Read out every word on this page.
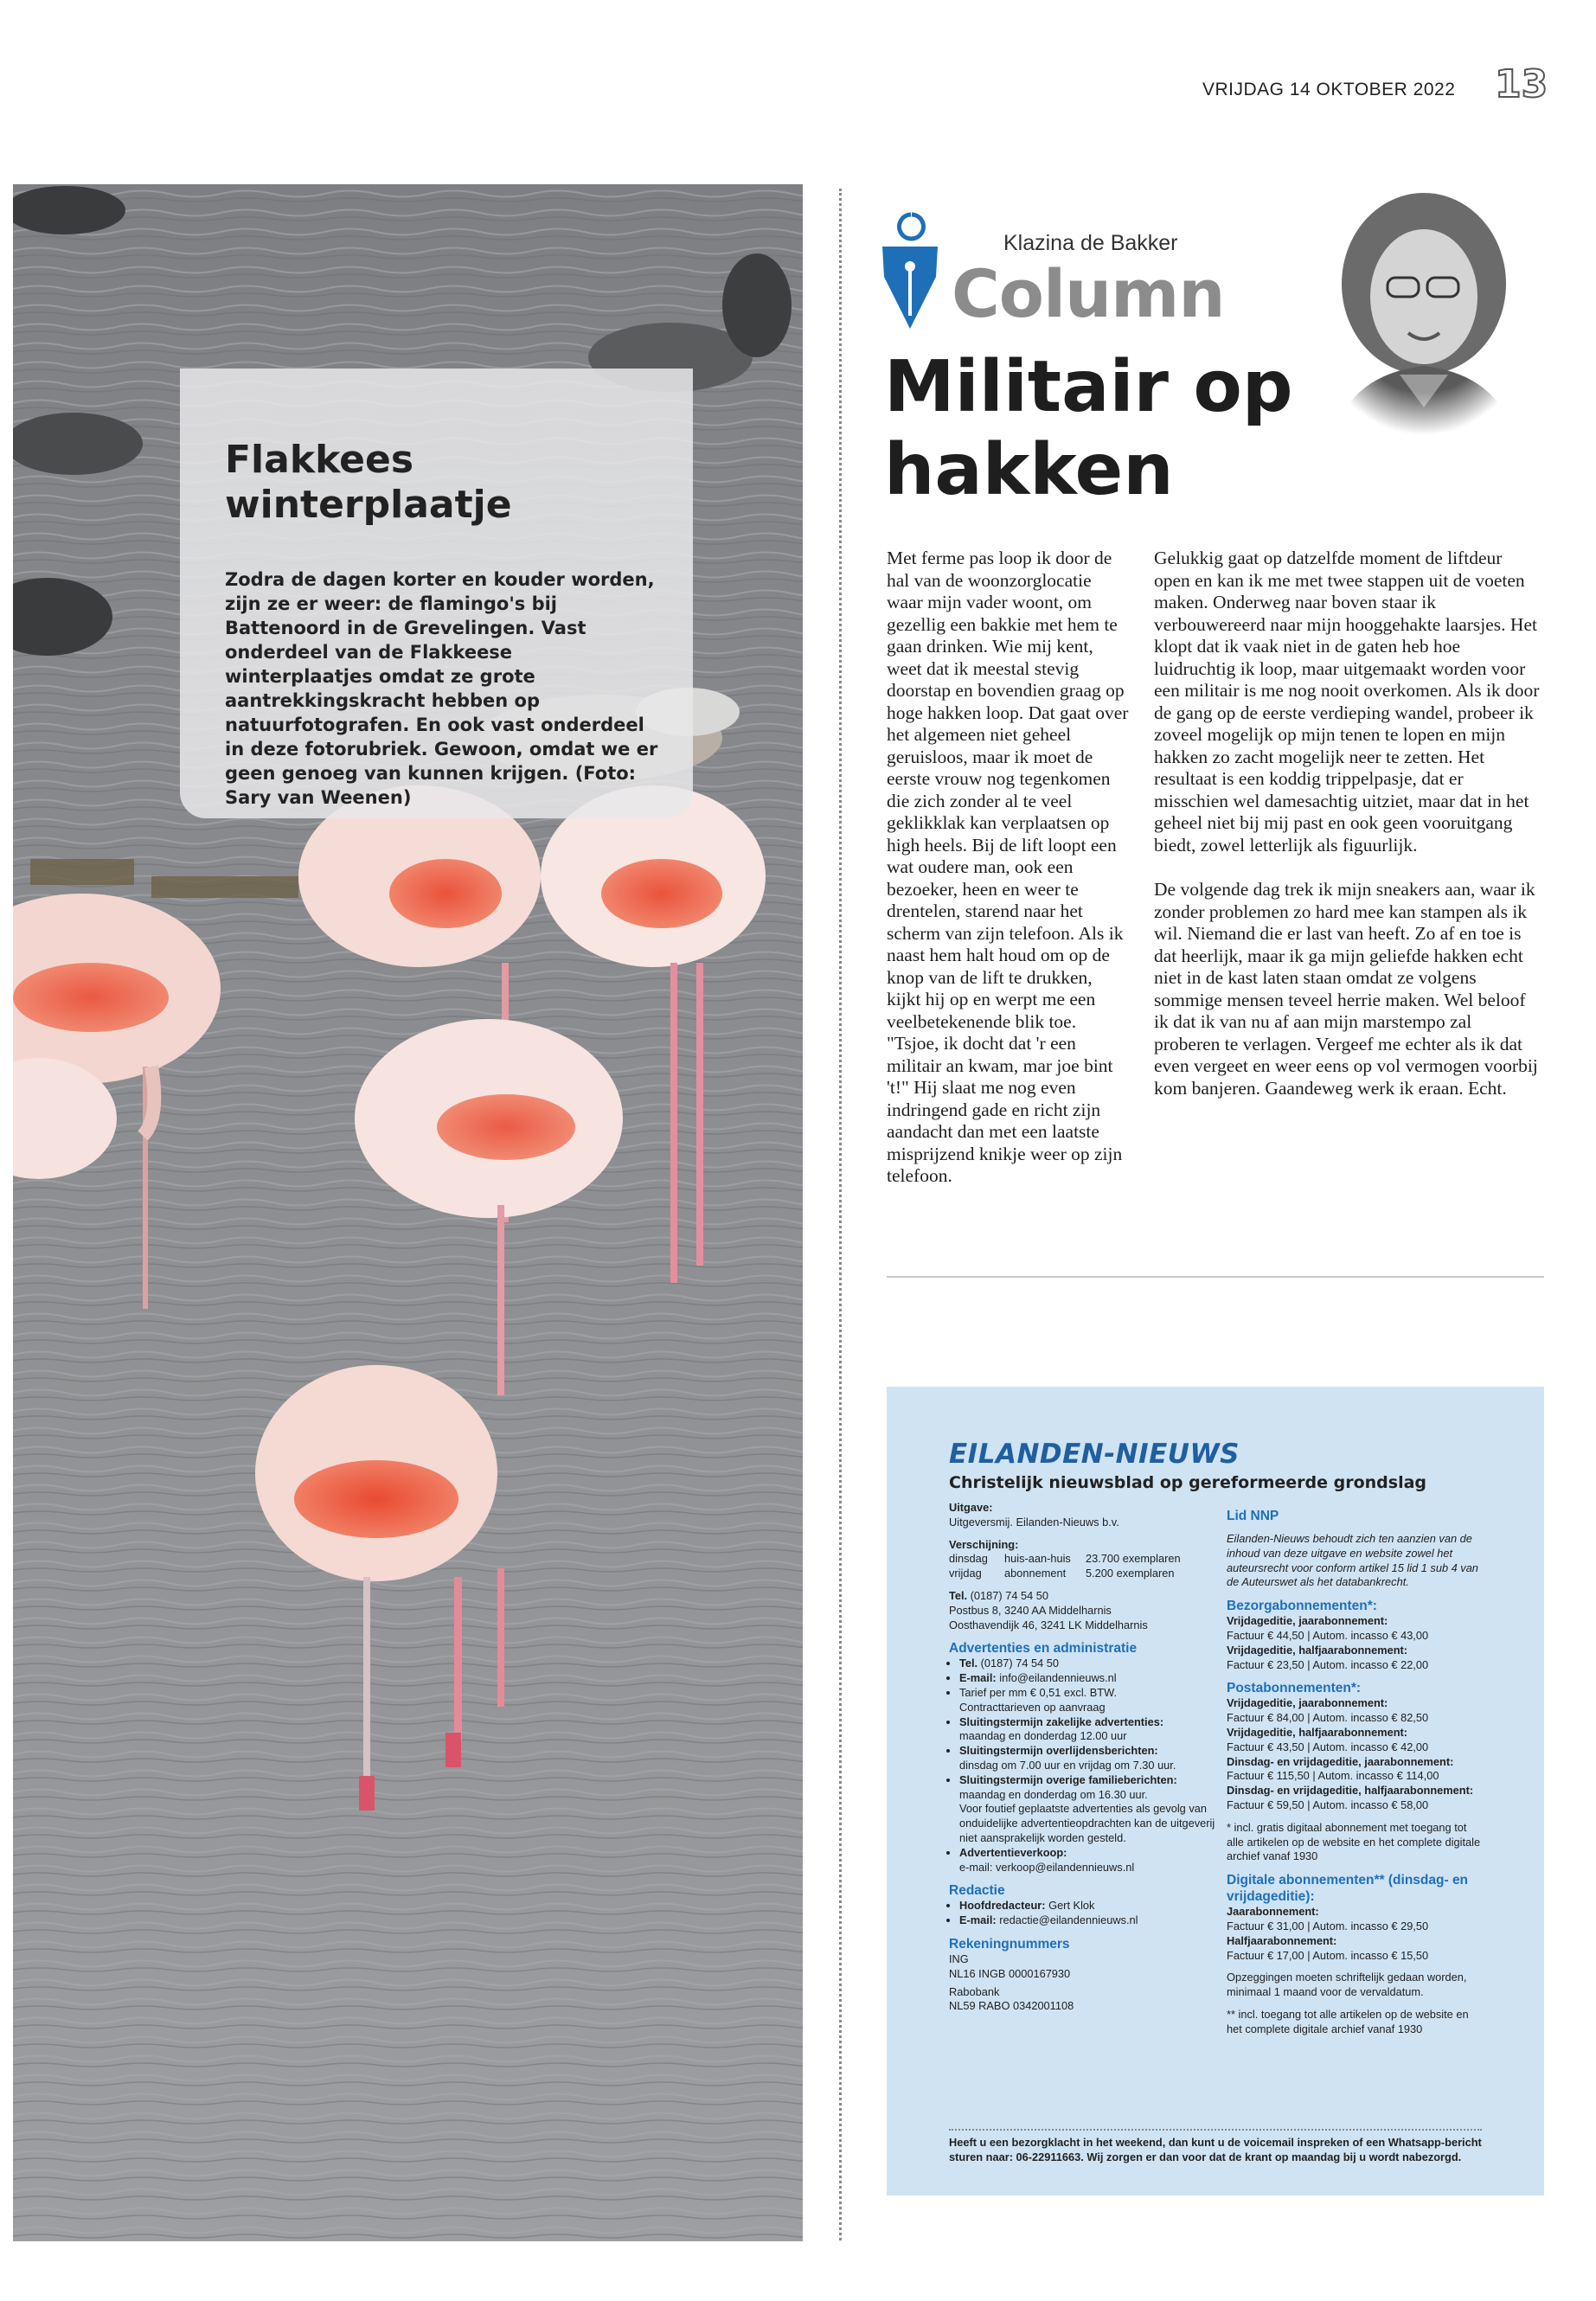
VRIJDAG 14 OKTOBER 2022 13
Flakkees winterplaatje
Zodra de dagen korter en kouder worden, zijn ze er weer: de flamingo's bij Battenoord in de Grevelingen. Vast onderdeel van de Flakkeese winterplaatjes omdat ze grote aantrekkingskracht hebben op natuurfotografen. En ook vast onderdeel in deze fotorubriek. Gewoon, omdat we er geen genoeg van kunnen krijgen. (Foto: Sary van Weenen)
Klazina de Bakker
Column
Militair op hakken

Met ferme pas loop ik door de hal van de woonzorglocatie waar mijn vader woont, om gezellig een bakkie met hem te gaan drinken. Wie mij kent, weet dat ik meestal stevig doorstap en bovendien graag op hoge hakken loop. Dat gaat over het algemeen niet geheel geruisloos, maar ik moet de eerste vrouw nog tegenkomen die zich zonder al te veel geklikklak kan verplaatsen op high heels. Bij de lift loopt een wat oudere man, ook een bezoeker, heen en weer te drentelen, starend naar het scherm van zijn telefoon. Als ik naast hem halt houd om op de knop van de lift te drukken, kijkt hij op en werpt me een veelbetekenende blik toe. "Tsjoe, ik docht dat 'r een militair an kwam, mar joe bint 't!" Hij slaat me nog even indringend gade en richt zijn aandacht dan met een laatste misprijzend knikje weer op zijn telefoon.

Gelukkig gaat op datzelfde moment de liftdeur open en kan ik me met twee stappen uit de voeten maken. Onderweg naar boven staar ik verbouwereerd naar mijn hooggehakte laarsjes. Het klopt dat ik vaak niet in de gaten heb hoe luidruchtig ik loop, maar uitgemaakt worden voor een militair is me nog nooit overkomen. Als ik door de gang op de eerste verdieping wandel, probeer ik zoveel mogelijk op mijn tenen te lopen en mijn hakken zo zacht mogelijk neer te zetten. Het resultaat is een koddig trippelpasje, dat er misschien wel damesachtig uitziet, maar dat in het geheel niet bij mij past en ook geen vooruitgang biedt, zowel letterlijk als figuurlijk.

De volgende dag trek ik mijn sneakers aan, waar ik zonder problemen zo hard mee kan stampen als ik wil. Niemand die er last van heeft. Zo af en toe is dat heerlijk, maar ik ga mijn geliefde hakken echt niet in de kast laten staan omdat ze volgens sommige mensen teveel herrie maken. Wel beloof ik dat ik van nu af aan mijn marstempo zal proberen te verlagen. Vergeef me echter als ik dat even vergeet en weer eens op vol vermogen voorbij kom banjeren. Gaandeweg werk ik eraan. Echt.

EILANDEN-NIEUWS
Christelijk nieuwsblad op gereformeerde grondslag
Uitgave:
Uitgeversmij. Eilanden-Nieuws b.v.
Verschijning:
dinsdag	huis-aan-huis	23.700 exemplaren
vrijdag	abonnement	5.200 exemplaren
Tel. (0187) 74 54 50
Postbus 8, 3240 AA Middelharnis
Oosthavendijk 46, 3241 LK Middelharnis
Advertenties en administratie
• Tel. (0187) 74 54 50
• E-mail: info@eilandennieuws.nl
• Tarief per mm € 0,51 excl. BTW.
Contracttarieven op aanvraag
• Sluitingstermijn zakelijke advertenties:
maandag en donderdag 12.00 uur
• Sluitingstermijn overlijdensberichten:
dinsdag om 7.00 uur en vrijdag om 7.30 uur.
• Sluitingstermijn overige familieberichten:
maandag en donderdag om 16.30 uur.
Voor foutief geplaatste advertenties als gevolg van onduidelijke advertentieopdrachten kan de uitgeverij niet aansprakelijk worden gesteld.
• Advertentieverkoop:
e-mail: verkoop@eilandennieuws.nl
Redactie
• Hoofdredacteur: Gert Klok
• E-mail: redactie@eilandennieuws.nl
Rekeningnummers
ING
NL16 INGB 0000167930
Rabobank
NL59 RABO 0342001108
Lid NNP
Eilanden-Nieuws behoudt zich ten aanzien van de inhoud van deze uitgave en website zowel het auteursrecht voor conform artikel 15 lid 1 sub 4 van de Auteurswet als het databankrecht.
Bezorgabonnementen*:
Vrijdageditie, jaarabonnement:
Factuur € 44,50 | Autom. incasso € 43,00
Vrijdageditie, halfjaarabonnement:
Factuur € 23,50 | Autom. incasso € 22,00
Postabonnementen*:
Vrijdageditie, jaarabonnement:
Factuur € 84,00 | Autom. incasso € 82,50
Vrijdageditie, halfjaarabonnement:
Factuur € 43,50 | Autom. incasso € 42,00
Dinsdag- en vrijdageditie, jaarabonnement:
Factuur € 115,50 | Autom. incasso € 114,00
Dinsdag- en vrijdageditie, halfjaarabonnement:
Factuur € 59,50 | Autom. incasso € 58,00
* incl. gratis digitaal abonnement met toegang tot alle artikelen op de website en het complete digitale archief vanaf 1930
Digitale abonnementen** (dinsdag- en vrijdageditie):
Jaarabonnement:
Factuur € 31,00 | Autom. incasso € 29,50
Halfjaarabonnement:
Factuur € 17,00 | Autom. incasso € 15,50
Opzeggingen moeten schriftelijk gedaan worden, minimaal 1 maand voor de vervaldatum.
** incl. toegang tot alle artikelen op de website en het complete digitale archief vanaf 1930
Heeft u een bezorgklacht in het weekend, dan kunt u de voicemail inspreken of een Whatsapp-bericht sturen naar: 06-22911663. Wij zorgen er dan voor dat de krant op maandag bij u wordt nabezorgd.
